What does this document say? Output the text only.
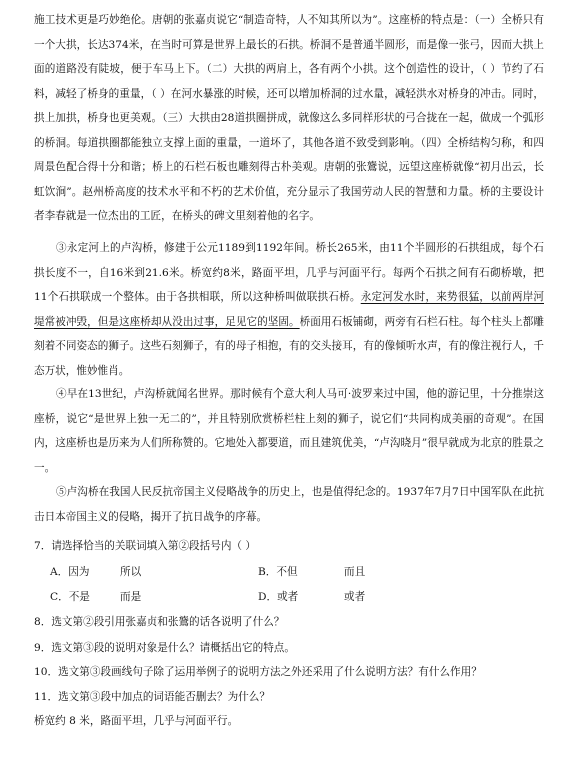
施工技术更是巧妙绝伦。唐朝的张嘉贞说它“制造奇特，人不知其所以为”。这座桥的特点是：（一）全桥只有一个大拱，长达374米，在当时可算是世界上最长的石拱。桥洞不是普通半圆形，而是像一张弓，因而大拱上面的道路没有陡坡，便于车马上下。（二）大拱的两肩上，各有两个小拱。这个创造性的设计，（ ）节约了石料，减轻了桥身的重量，（ ）在河水暴涨的时候，还可以增加桥洞的过水量，减轻洪水对桥身的冲击。同时，拱上加拱，桥身也更美观。（三）大拱由28道拱圈拼成，就像这么多同样形状的弓合拢在一起，做成一个弧形的桥洞。每道拱圈都能独立支撑上面的重量，一道坏了，其他各道不致受到影响。（四）全桥结构匀称，和四周景色配合得十分和谐；桥上的石栏石板也雕刻得古朴美观。唐朝的张鷟说，远望这座桥就像“初月出云，长虹饮涧”。赵州桥高度的技术水平和不朽的艺术价值，充分显示了我国劳动人民的智慧和力量。桥的主要设计者李春就是一位杰出的工匠，在桥头的碑文里刻着他的名字。

③永定河上的卢沟桥，修建于公元1189到1192年间。桥长265米，由11个半圆形的石拱组成，每个石拱长度不一，自16米到21.6米。桥宽约8米，路面平坦，几乎与河面平行。每两个石拱之间有石砌桥墩，把11个石拱联成一个整体。由于各拱相联，所以这种桥叫做联拱石桥。永定河发水时，来势很猛，以前两岸河堤常被冲毁，但是这座桥却从没出过事，足见它的坚固。桥面用石板铺砌，两旁有石栏石柱。每个柱头上都雕刻着不同姿态的狮子。这些石刻狮子，有的母子相抱，有的交头接耳，有的像倾听水声，有的像注视行人，千态万状，惟妙惟肖。

④早在13世纪，卢沟桥就闻名世界。那时候有个意大利人马可·波罗来过中国，他的游记里，十分推崇这座桥，说它“是世界上独一无二的”，并且特别欣赏桥栏柱上刻的狮子，说它们“共同构成美丽的奇观”。在国内，这座桥也是历来为人们所称赞的。它地处入都要道，而且建筑优美，“卢沟晓月”很早就成为北京的胜景之一。

⑤卢沟桥在我国人民反抗帝国主义侵略战争的历史上，也是值得纪念的。1937年7月7日中国军队在此抗击日本帝国主义的侵略，揭开了抗日战争的序幕。

7．请选择恰当的关联词填入第②段括号内（ ）
A．因为	所以	B．不但	而且
C．不是	而是	D．或者	或者
8．选文第②段引用张嘉贞和张鷟的话各说明了什么？
9．选文第③段的说明对象是什么？请概括出它的特点。
10．选文第③段画线句子除了运用举例子的说明方法之外还采用了什么说明方法？有什么作用？
11．选文第③段中加点的词语能否删去？为什么？
桥宽约 8 米，路面平坦，几乎与河面平行。
